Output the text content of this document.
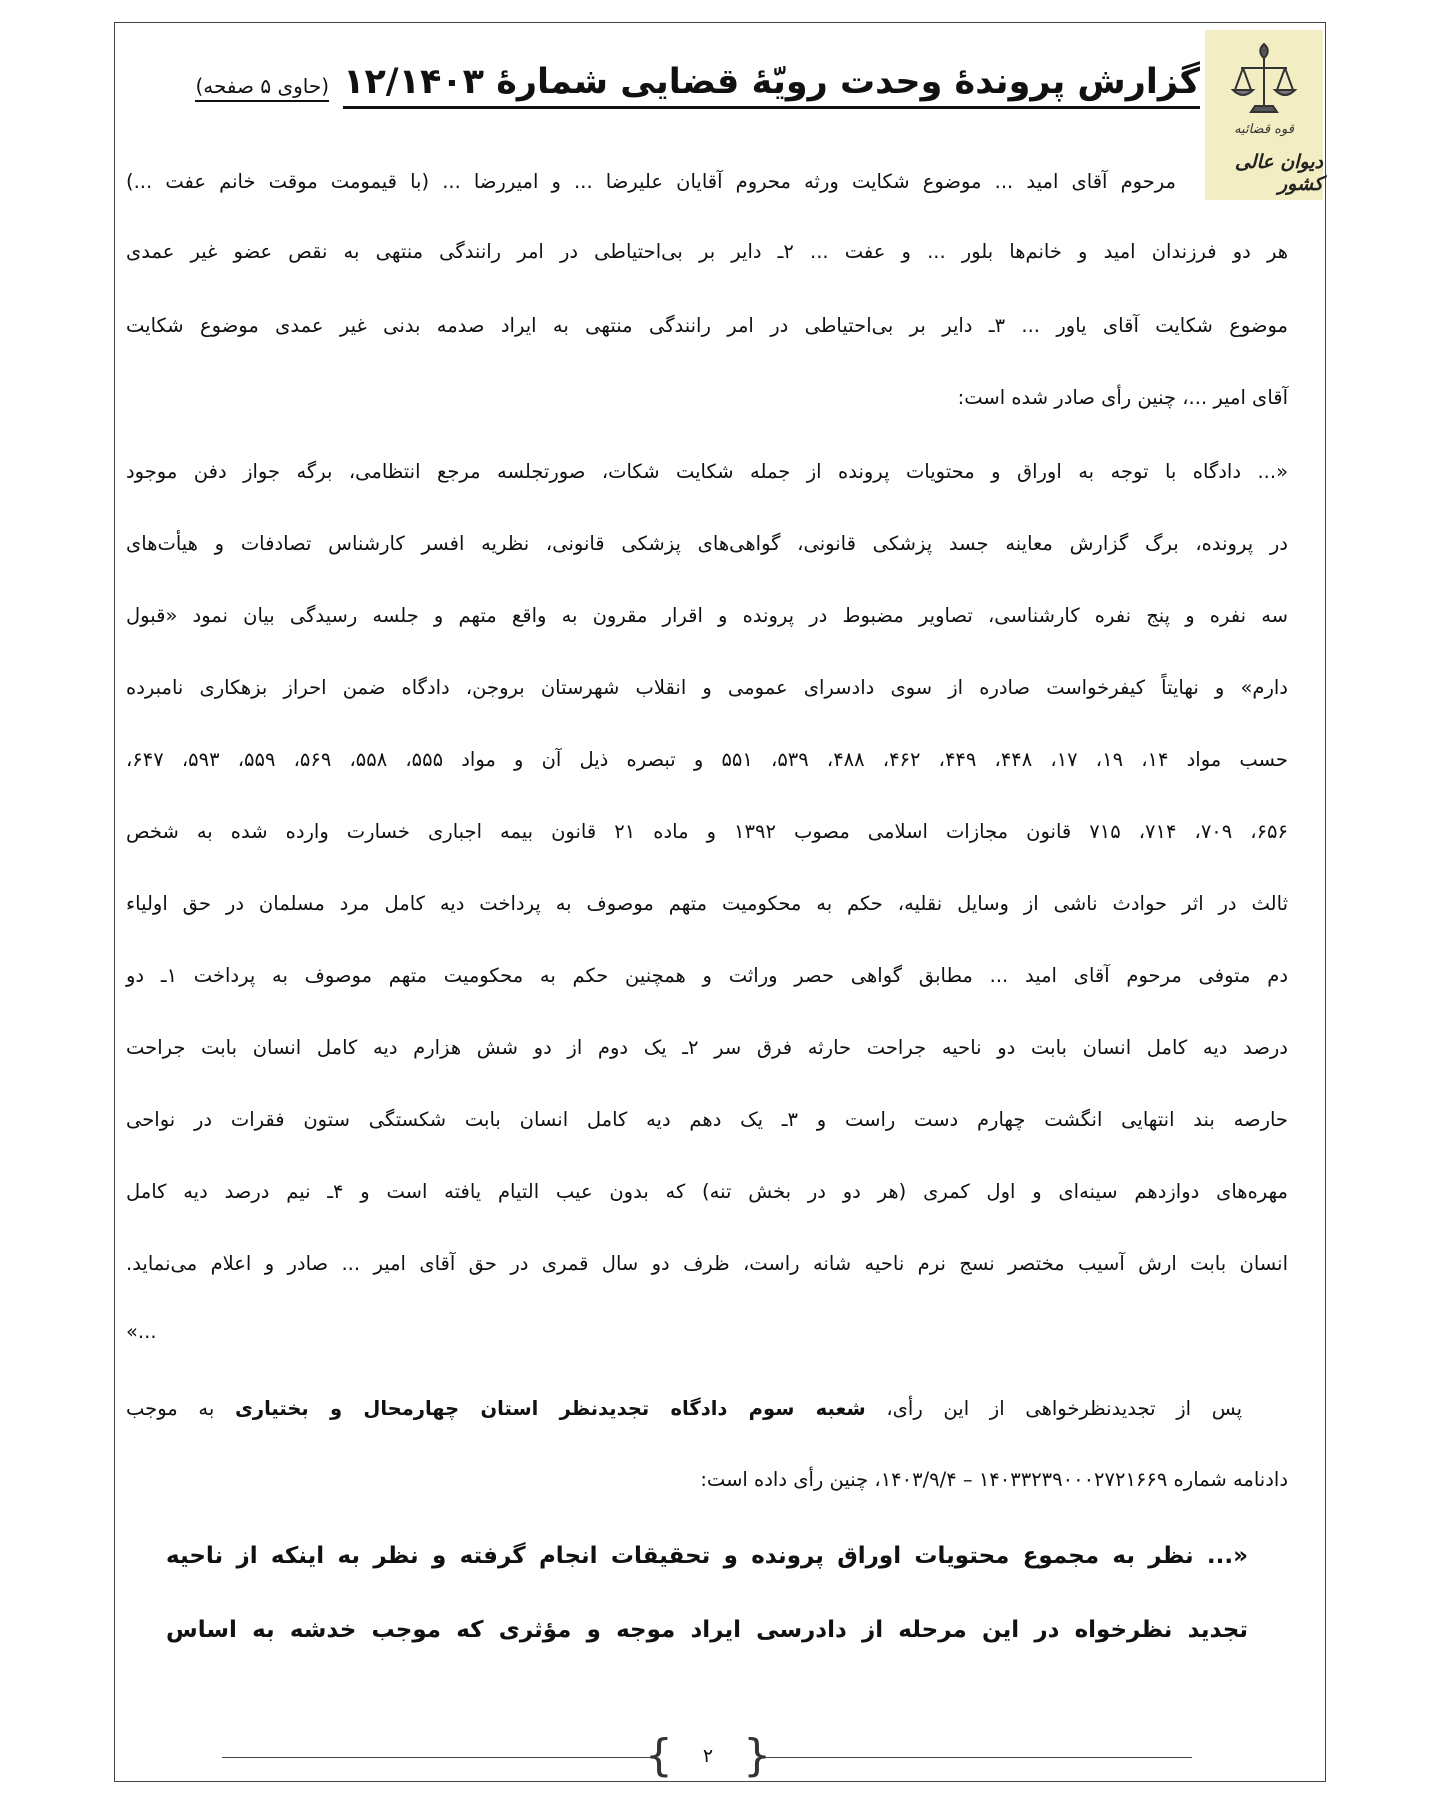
قوه قضائیه
دیوان عالی کشور
گزارش پروندهٔ وحدت رویّهٔ قضایی شمارهٔ ۱۲/۱۴۰۳
(حاوی ۵ صفحه)
مرحوم آقای امید ... موضوع شکایت ورثه محروم آقایان علیرضا ... و امیررضا ... (با قیمومت موقت خانم عفت ...)
هر دو فرزندان امید و خانم‌ها بلور ... و عفت ... ۲ـ دایر بر بی‌احتیاطی در امر رانندگی منتهی به نقص عضو غیر عمدی
موضوع شکایت آقای یاور ... ۳ـ دایر بر بی‌احتیاطی در امر رانندگی منتهی به ایراد صدمه بدنی غیر عمدی موضوع شکایت
آقای امیر ...، چنین رأی صادر شده است:
«... دادگاه با توجه به اوراق و محتویات پرونده از جمله شکایت شکات، صورتجلسه مرجع انتظامی، برگه جواز دفن موجود
در پرونده، برگ گزارش معاینه جسد پزشکی قانونی، گواهی‌های پزشکی قانونی، نظریه افسر کارشناس تصادفات و هیأت‌های
سه نفره و پنج نفره کارشناسی، تصاویر مضبوط در پرونده و اقرار مقرون به واقع متهم و جلسه رسیدگی بیان نمود «قبول
دارم» و نهایتاً کیفرخواست صادره از سوی دادسرای عمومی و انقلاب شهرستان بروجن، دادگاه ضمن احراز بزهکاری نامبرده
حسب مواد ۱۴، ۱۹، ۱۷، ۴۴۸، ۴۴۹، ۴۶۲، ۴۸۸، ۵۳۹، ۵۵۱ و تبصره ذیل آن و مواد ۵۵۵، ۵۵۸، ۵۶۹، ۵۵۹، ۵۹۳، ۶۴۷،
۶۵۶، ۷۰۹، ۷۱۴، ۷۱۵ قانون مجازات اسلامی مصوب ۱۳۹۲ و ماده ۲۱ قانون بیمه اجباری خسارت وارده شده به شخص
ثالث در اثر حوادث ناشی از وسایل نقلیه، حکم به محکومیت متهم موصوف به پرداخت دیه کامل مرد مسلمان در حق اولیاء
دم متوفی مرحوم آقای امید ... مطابق گواهی حصر وراثت و همچنین حکم به محکومیت متهم موصوف به پرداخت ۱ـ دو
درصد دیه کامل انسان بابت دو ناحیه جراحت حارثه فرق سر ۲ـ یک دوم از دو شش هزارم دیه کامل انسان بابت جراحت
حارصه بند انتهایی انگشت چهارم دست راست و ۳ـ یک دهم دیه کامل انسان بابت شکستگی ستون فقرات در نواحی
مهره‌های دوازدهم سینه‌ای و اول کمری (هر دو در بخش تنه) که بدون عیب التیام یافته است و ۴ـ نیم درصد دیه کامل
انسان بابت ارش آسیب مختصر نسج نرم ناحیه شانه راست، ظرف دو سال قمری در حق آقای امیر ... صادر و اعلام می‌نماید.
...»
پس از تجدیدنظرخواهی از این رأی، شعبه سوم دادگاه تجدیدنظر استان چهارمحال و بختیاری به موجب
دادنامه شماره ۱۴۰۳۳۲۳۹۰۰۰۲۷۲۱۶۶۹ – ۱۴۰۳/۹/۴، چنین رأی داده است:
«... نظر به مجموع محتویات اوراق پرونده و تحقیقات انجام گرفته و نظر به اینکه از ناحیه
تجدید نظرخواه در این مرحله از دادرسی ایراد موجه و مؤثری که موجب خدشه به اساس
{ ۲ }
